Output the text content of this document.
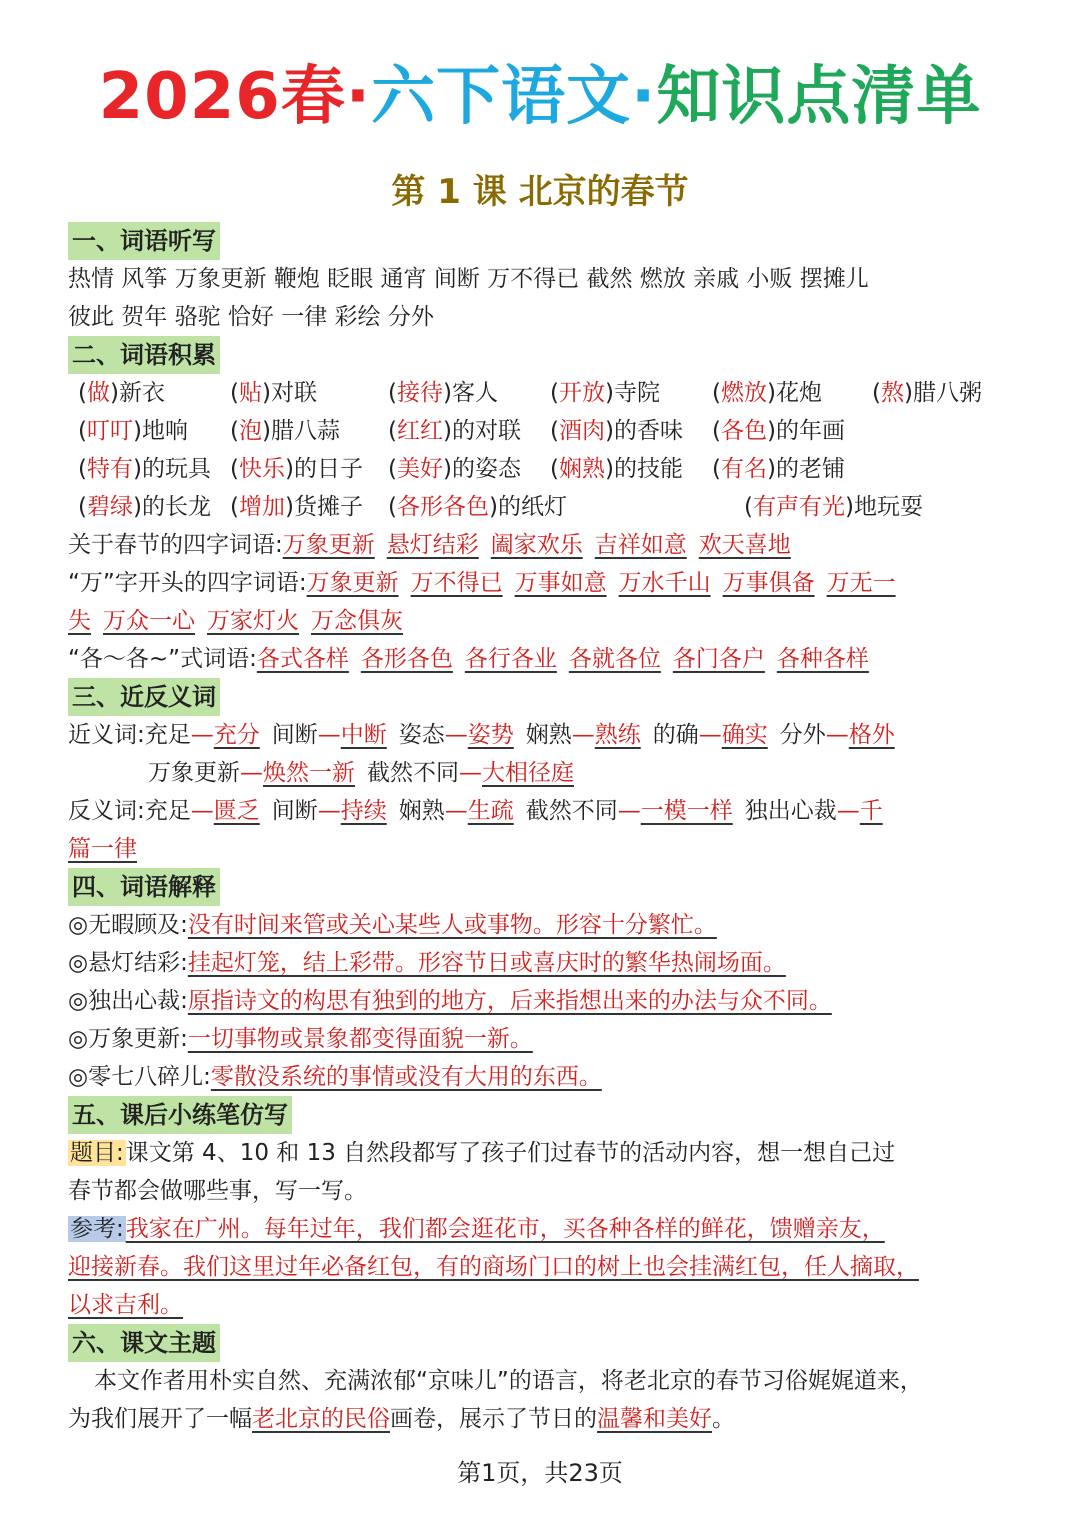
2026春·六下语文·知识点清单
第 1 课 北京的春节
一、词语听写
热情 风筝 万象更新 鞭炮 眨眼 通宵 间断 万不得已 截然 燃放 亲戚 小贩 摆摊儿
彼此 贺年 骆驼 恰好 一律 彩绘 分外
二、词语积累
(做)新衣	(贴)对联	(接待)客人 (开放)寺院 (燃放)花炮 (熬)腊八粥
(叮叮)地响 (泡)腊八蒜 (红红)的对联 (酒肉)的香味 (各色)的年画
(特有)的玩具 (快乐)的日子 (美好)的姿态 (娴熟)的技能 (有名)的老铺
(碧绿)的长龙 (增加)货摊子 (各形各色)的纸灯	(有声有光)地玩耍
关于春节的四字词语:万象更新 悬灯结彩 阖家欢乐 吉祥如意 欢天喜地
“万”字开头的四字词语:万象更新 万不得已 万事如意 万水千山 万事俱备 万无一
失 万众一心 万家灯火 万念俱灰
“各～各~”式词语:各式各样 各形各色 各行各业 各就各位 各门各户 各种各样
三、近反义词
近义词:充足—充分 间断—中断 姿态—姿势 娴熟—熟练 的确—确实 分外—格外
万象更新—焕然一新 截然不同—大相径庭
反义词:充足—匮乏 间断—持续 娴熟—生疏 截然不同—一模一样 独出心裁—千
篇一律
四、词语解释
◎无暇顾及:没有时间来管或关心某些人或事物。形容十分繁忙。
◎悬灯结彩:挂起灯笼，结上彩带。形容节日或喜庆时的繁华热闹场面。
◎独出心裁:原指诗文的构思有独到的地方，后来指想出来的办法与众不同。
◎万象更新:一切事物或景象都变得面貌一新。
◎零七八碎儿:零散没系统的事情或没有大用的东西。
五、课后小练笔仿写
题目:课文第 4、10 和 13 自然段都写了孩子们过春节的活动内容，想一想自己过
春节都会做哪些事，写一写。
参考:我家在广州。每年过年，我们都会逛花市，买各种各样的鲜花，馈赠亲友，
迎接新春。我们这里过年必备红包，有的商场门口的树上也会挂满红包，任人摘取，
以求吉利。
六、课文主题
本文作者用朴实自然、充满浓郁“京味儿”的语言，将老北京的春节习俗娓娓道来，
为我们展开了一幅老北京的民俗画卷，展示了节日的温馨和美好。
第1页，共23页
